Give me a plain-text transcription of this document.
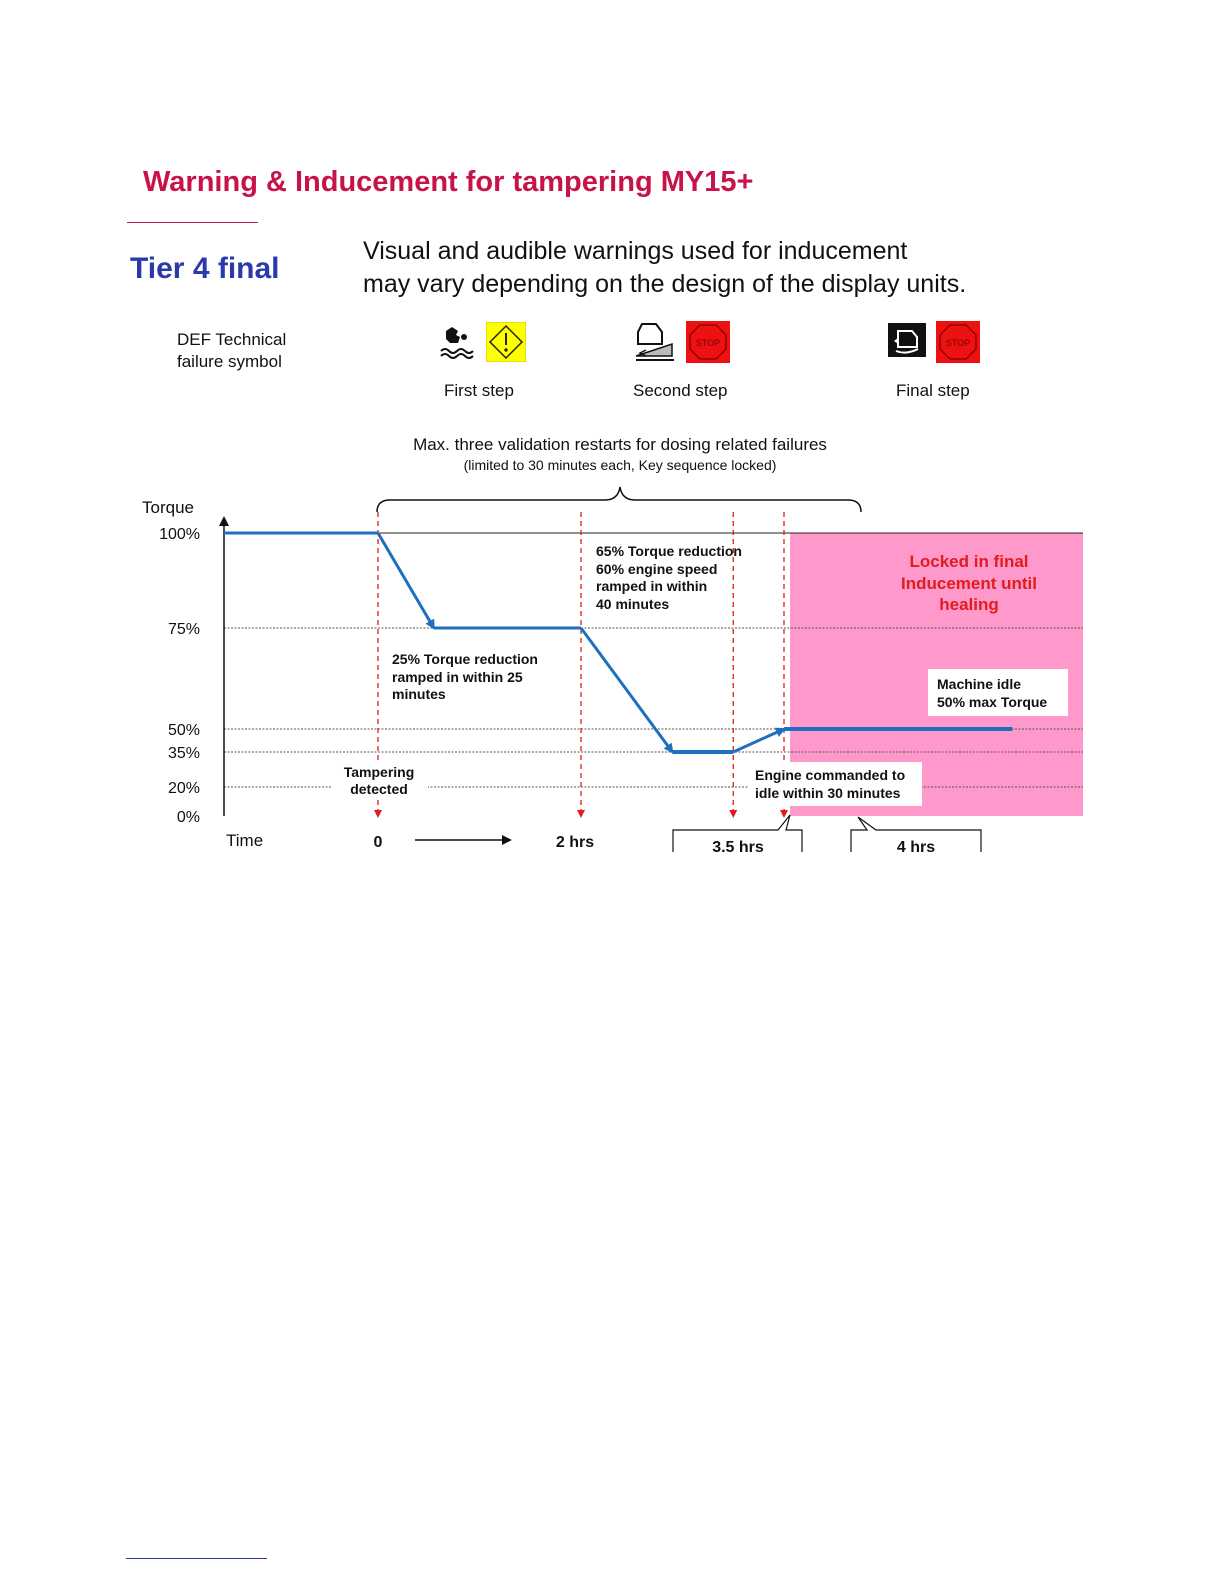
Warning & Inducement for tampering MY15+
Tier 4 final
Visual and audible warnings used for inducement
may vary depending on the design of the display units.
DEF Technical
failure symbol
STOP	STOP
First step	Second step	Final step
Torque
100%
75%
50%
35%
20%
0%
Max. three validation restarts for dosing related failures
(limited to 30 minutes each, Key sequence locked)
25% Torque reduction
ramped in within 25
minutes
65% Torque reduction
60% engine speed
ramped in within
40 minutes
Locked in final
Inducement until
healing
Machine idle
50% max Torque
Tampering
detected
Engine commanded to
idle within 30 minutes
Time	0	2 hrs	3.5 hrs	4 hrs
